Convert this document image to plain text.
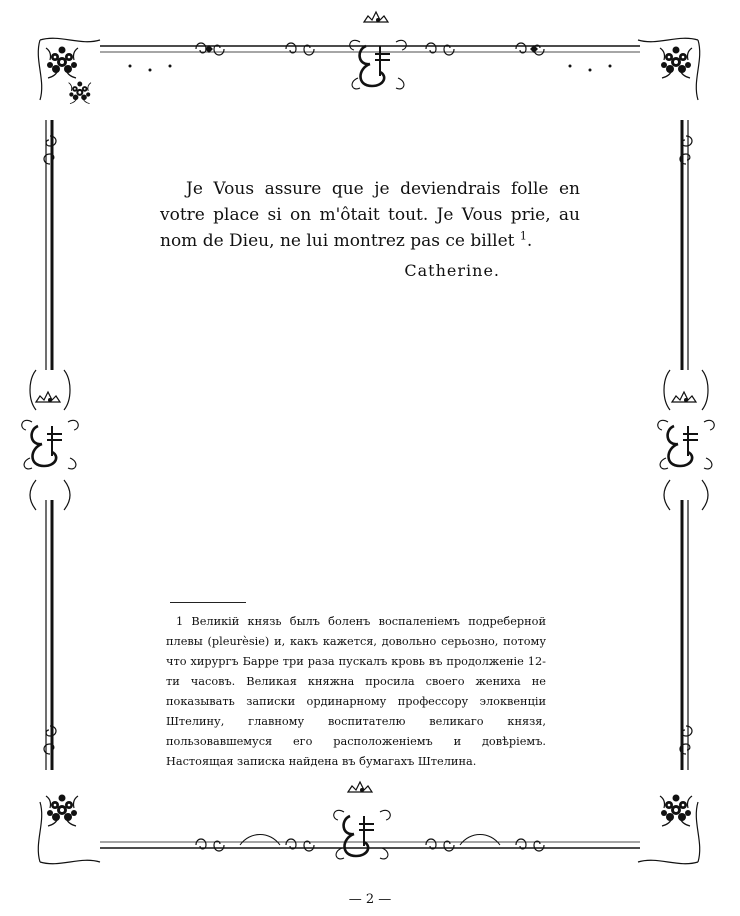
Je Vous assure que je deviendrais folle en votre place si on m'ôtait tout. Je Vous prie, au nom de Dieu, ne lui montrez pas ce billet $^1$.

Catherine.

1 Великій князь былъ боленъ воспаленіемъ подреберной плевы (pleurèsie) и, какъ кажется, довольно серьозно, потому что хирургъ Барре три раза пускалъ кровь въ продолженіе 12-ти часовъ. Великая княжна просила своего жениха не показывать записки ординарному профессору элоквенціи Штелину, главному воспитателю великаго князя, пользовавшемуся его расположеніемъ и довѣріемъ. Настоящая записка найдена въ бумагахъ Штелина.

— 2 —
